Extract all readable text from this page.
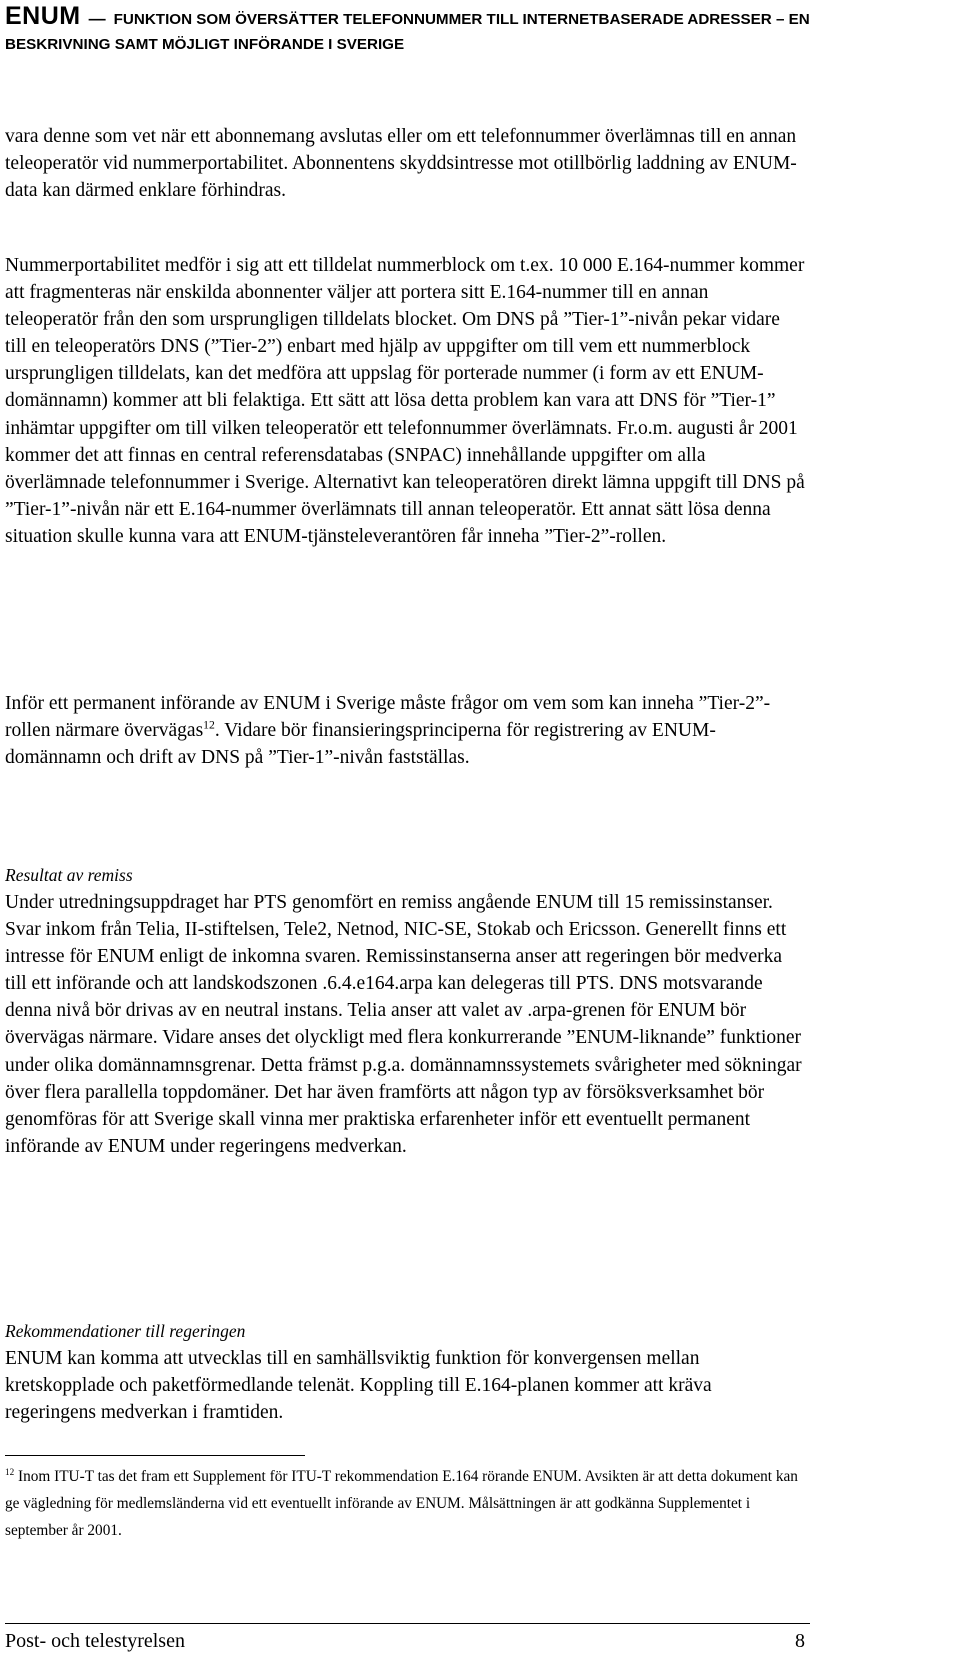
ENUM — FUNKTION SOM ÖVERSÄTTER TELEFONNUMMER TILL INTERNETBASERADE ADRESSER – EN
BESKRIVNING SAMT MÖJLIGT INFÖRANDE I SVERIGE

vara denne som vet när ett abonnemang avslutas eller om ett telefonnummer överlämnas till en annan teleoperatör vid nummerportabilitet. Abonnentens skyddsintresse mot otillbörlig laddning av ENUM-data kan därmed enklare förhindras.

Nummerportabilitet medför i sig att ett tilldelat nummerblock om t.ex. 10 000 E.164-nummer kommer att fragmenteras när enskilda abonnenter väljer att portera sitt E.164-nummer till en annan teleoperatör från den som ursprungligen tilldelats blocket. Om DNS på ”Tier-1”-nivån pekar vidare till en teleoperatörs DNS (”Tier-2”) enbart med hjälp av uppgifter om till vem ett nummerblock ursprungligen tilldelats, kan det medföra att uppslag för porterade nummer (i form av ett ENUM-domännamn) kommer att bli felaktiga. Ett sätt att lösa detta problem kan vara att DNS för ”Tier-1” inhämtar uppgifter om till vilken teleoperatör ett telefonnummer överlämnats. Fr.o.m. augusti år 2001 kommer det att finnas en central referensdatabas (SNPAC) innehållande uppgifter om alla överlämnade telefonnummer i Sverige. Alternativt kan teleoperatören direkt lämna uppgift till DNS på ”Tier-1”-nivån när ett E.164-nummer överlämnats till annan teleoperatör. Ett annat sätt lösa denna situation skulle kunna vara att ENUM-tjänsteleverantören får inneha ”Tier-2”-rollen.

Inför ett permanent införande av ENUM i Sverige måste frågor om vem som kan inneha ”Tier-2”-rollen närmare övervägas$^{12}$. Vidare bör finansieringsprinciperna för registrering av ENUM-domännamn och drift av DNS på ”Tier-1”-nivån fastställas.

Resultat av remiss

Under utredningsuppdraget har PTS genomfört en remiss angående ENUM till 15 remissinstanser. Svar inkom från Telia, II-stiftelsen, Tele2, Netnod, NIC-SE, Stokab och Ericsson. Generellt finns ett intresse för ENUM enligt de inkomna svaren. Remissinstanserna anser att regeringen bör medverka till ett införande och att landskodszonen .6.4.e164.arpa kan delegeras till PTS. DNS motsvarande denna nivå bör drivas av en neutral instans. Telia anser att valet av .arpa-grenen för ENUM bör övervägas närmare. Vidare anses det olyckligt med flera konkurrerande ”ENUM-liknande” funktioner under olika domännamnsgrenar. Detta främst p.g.a. domännamnssystemets svårigheter med sökningar över flera parallella toppdomäner. Det har även framförts att någon typ av försöksverksamhet bör genomföras för att Sverige skall vinna mer praktiska erfarenheter inför ett eventuellt permanent införande av ENUM under regeringens medverkan.

Rekommendationer till regeringen

ENUM kan komma att utvecklas till en samhällsviktig funktion för konvergensen mellan kretskopplade och paketförmedlande telenät. Koppling till E.164-planen kommer att kräva regeringens medverkan i framtiden.

$^{12}$ Inom ITU-T tas det fram ett Supplement för ITU-T rekommendation E.164 rörande ENUM. Avsikten är att detta dokument kan ge vägledning för medlemsländerna vid ett eventuellt införande av ENUM. Målsättningen är att godkänna Supplementet i september år 2001.

Post- och telestyrelsen	8
